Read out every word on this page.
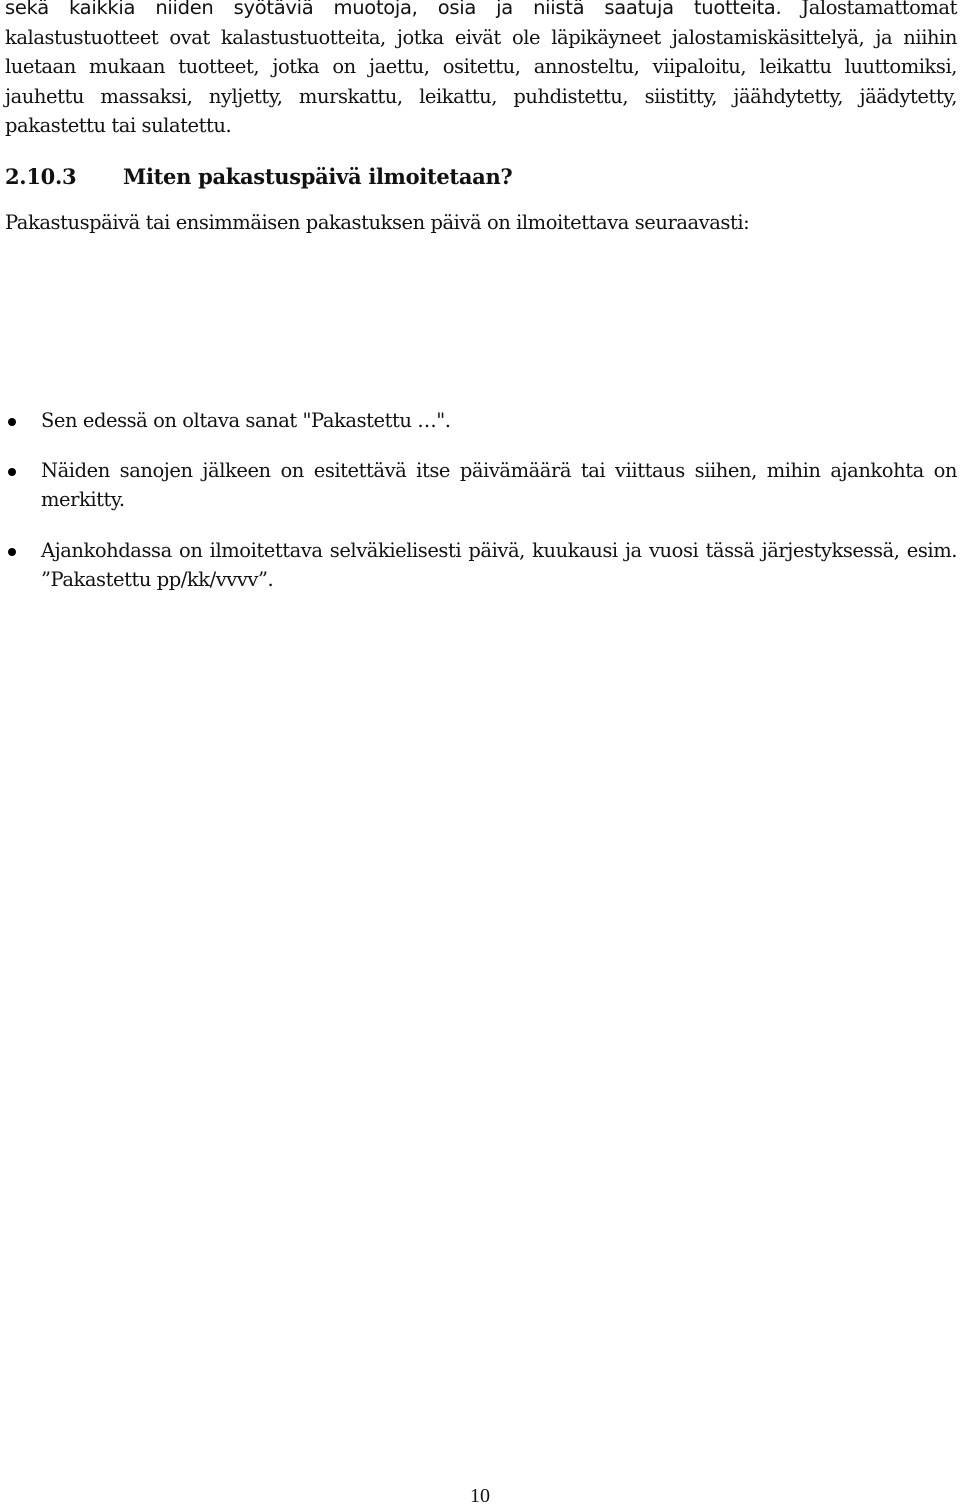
sekä kaikkia niiden syötäviä muotoja, osia ja niistä saatuja tuotteita. Jalostamattomat kalastustuotteet ovat kalastustuotteita, jotka eivät ole läpikäyneet jalostamiskäsittelyä, ja niihin luetaan mukaan tuotteet, jotka on jaettu, ositettu, annosteltu, viipaloitu, leikattu luuttomiksi, jauhettu massaksi, nyljetty, murskattu, leikattu, puhdistettu, siistitty, jäähdytetty, jäädytetty, pakastettu tai sulatettu.

2.10.3 Miten pakastuspäivä ilmoitetaan?

Pakastuspäivä tai ensimmäisen pakastuksen päivä on ilmoitettava seuraavasti:

Sen edessä on oltava sanat "Pakastettu …".
Näiden sanojen jälkeen on esitettävä itse päivämäärä tai viittaus siihen, mihin ajankohta on merkitty.
Ajankohdassa on ilmoitettava selväkielisesti päivä, kuukausi ja vuosi tässä järjestyksessä, esim. ”Pakastettu pp/kk/vvvv”.
10
